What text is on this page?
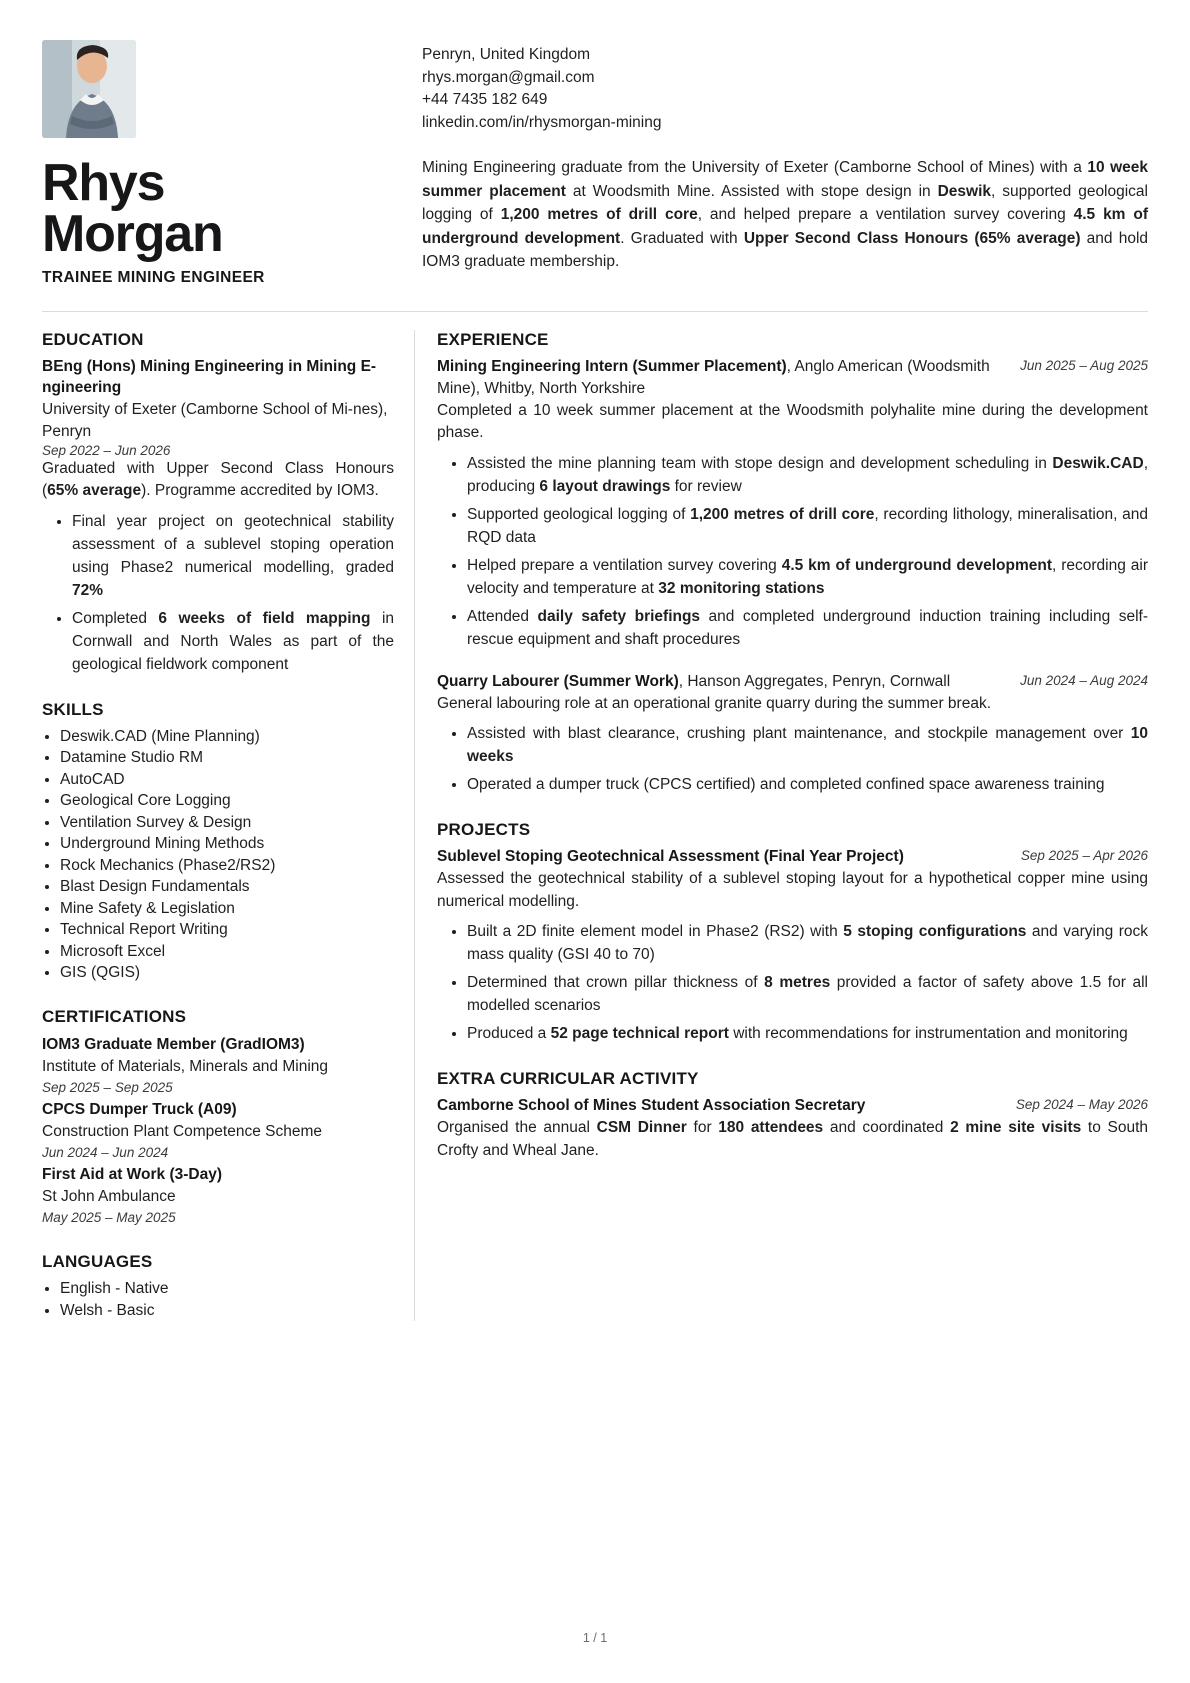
Rhys
Morgan
TRAINEE MINING ENGINEER
Penryn, United Kingdom
rhys.morgan@gmail.com
+44 7435 182 649
linkedin.com/in/rhysmorgan-mining
Mining Engineering graduate from the University of Exeter (Camborne School of Mines) with a 10 week summer placement at Woodsmith Mine. Assisted with stope design in Deswik, supported geological logging of 1,200 metres of drill core, and helped prepare a ventilation survey covering 4.5 km of underground development. Graduated with Upper Second Class Honours (65% average) and hold IOM3 graduate membership.
EDUCATION
BEng (Hons) Mining Engineering in Mining E-ngineering
University of Exeter (Camborne School of Mi-nes), Penryn
Sep 2022 – Jun 2026
Graduated with Upper Second Class Honours (65% average). Programme accredited by IOM3.
• Final year project on geotechnical stability assessment of a sublevel stoping operation using Phase2 numerical modelling, graded 72%
• Completed 6 weeks of field mapping in Cornwall and North Wales as part of the geological fieldwork component
SKILLS
• Deswik.CAD (Mine Planning)
• Datamine Studio RM
• AutoCAD
• Geological Core Logging
• Ventilation Survey & Design
• Underground Mining Methods
• Rock Mechanics (Phase2/RS2)
• Blast Design Fundamentals
• Mine Safety & Legislation
• Technical Report Writing
• Microsoft Excel
• GIS (QGIS)
CERTIFICATIONS
IOM3 Graduate Member (GradIOM3)
Institute of Materials, Minerals and Mining
Sep 2025 – Sep 2025
CPCS Dumper Truck (A09)
Construction Plant Competence Scheme
Jun 2024 – Jun 2024
First Aid at Work (3-Day)
St John Ambulance
May 2025 – May 2025
LANGUAGES
• English - Native
• Welsh - Basic
EXPERIENCE
Mining Engineering Intern (Summer Placement), Anglo American (Woodsmith Mine), Whitby, North Yorkshire
Jun 2025 – Aug 2025
Completed a 10 week summer placement at the Woodsmith polyhalite mine during the development phase.
• Assisted the mine planning team with stope design and development scheduling in Deswik.CAD, producing 6 layout drawings for review
• Supported geological logging of 1,200 metres of drill core, recording lithology, mineralisation, and RQD data
• Helped prepare a ventilation survey covering 4.5 km of underground development, recording air velocity and temperature at 32 monitoring stations
• Attended daily safety briefings and completed underground induction training including self-rescue equipment and shaft procedures
Quarry Labourer (Summer Work), Hanson Aggregates, Penryn, Cornwall	Jun 2024 – Aug 2024
General labouring role at an operational granite quarry during the summer break.
• Assisted with blast clearance, crushing plant maintenance, and stockpile management over 10 weeks
• Operated a dumper truck (CPCS certified) and completed confined space awareness training
PROJECTS
Sublevel Stoping Geotechnical Assessment (Final Year Project)	Sep 2025 – Apr 2026
Assessed the geotechnical stability of a sublevel stoping layout for a hypothetical copper mine using numerical modelling.
• Built a 2D finite element model in Phase2 (RS2) with 5 stoping configurations and varying rock mass quality (GSI 40 to 70)
• Determined that crown pillar thickness of 8 metres provided a factor of safety above 1.5 for all modelled scenarios
• Produced a 52 page technical report with recommendations for instrumentation and monitoring
EXTRA CURRICULAR ACTIVITY
Camborne School of Mines Student Association Secretary	Sep 2024 – May 2026
Organised the annual CSM Dinner for 180 attendees and coordinated 2 mine site visits to South Crofty and Wheal Jane.
1 / 1
